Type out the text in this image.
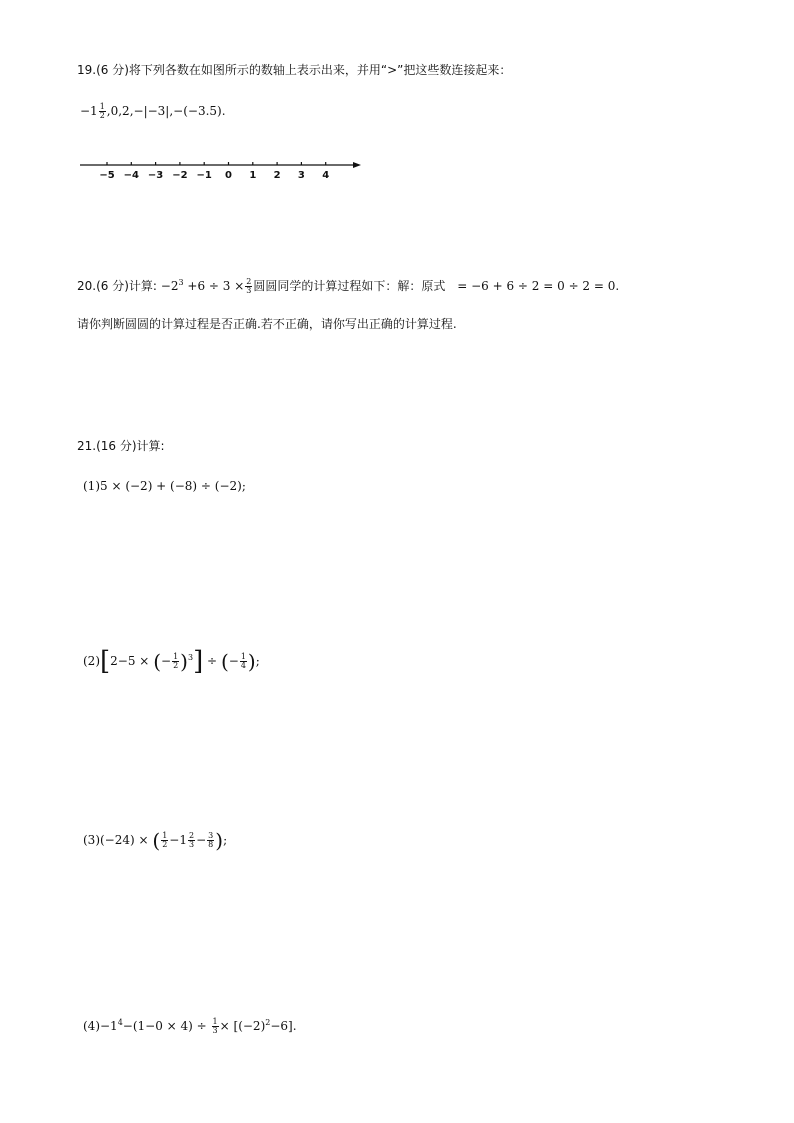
19.(6 分)将下列各数在如图所示的数轴上表示出来，并用“>”把这些数连接起来：
$-1 \frac{1}{2} ,0,2,-|-3|,-(-3.5)$.
−5 −4 −3 −2 −1 0 1 2 3 4
20.(6 分)计算: $-2^3 +6 \div 3 \times \frac{2}{3}$ 圆圆同学的计算过程如下：解：原式 = −6 + 6 ÷ 2 = 0 ÷ 2 = 0.
请你判断圆圆的计算过程是否正确.若不正确，请你写出正确的计算过程.
21.(16 分)计算:
(1)5 × (−2) + (−8) ÷ (−2);
(2)[2−5 × (− $\frac{1}{2} )^3$] ÷ (− $\frac{1}{4}$ );
(3)(−24) × ( $\frac{1}{2} -1 \frac{2}{3} - \frac{3}{8}$ );
$(4)-1^4-(1-0 \times 4) \div \frac{1}{3} \times [(-2)^2-6]$.
